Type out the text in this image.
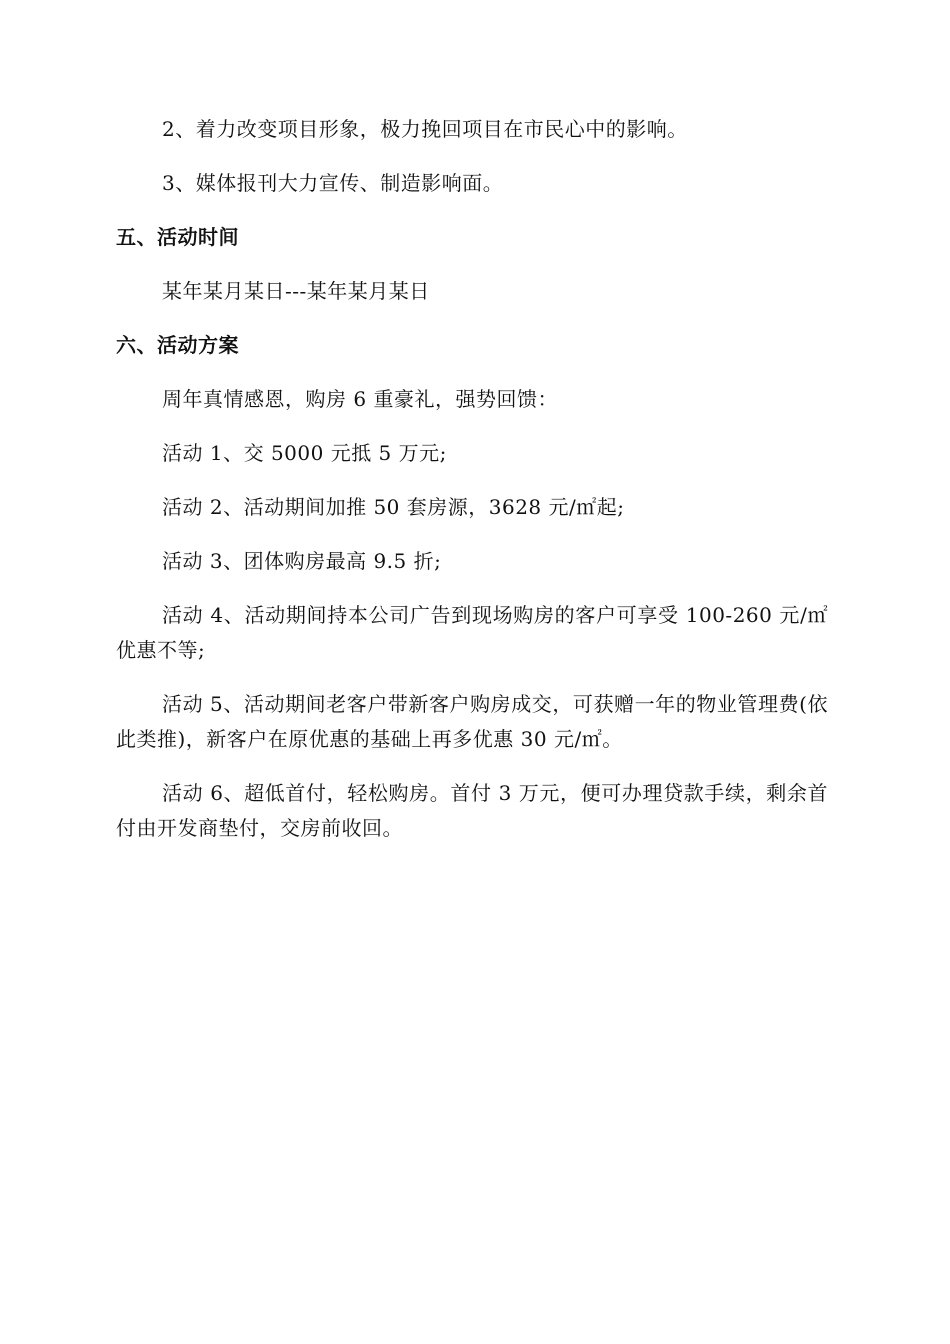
2、着力改变项目形象，极力挽回项目在市民心中的影响。

3、媒体报刊大力宣传、制造影响面。

五、活动时间

某年某月某日---某年某月某日

六、活动方案

周年真情感恩，购房 6 重豪礼，强势回馈：

活动 1、交 5000 元抵 5 万元;

活动 2、活动期间加推 50 套房源，3628 元/㎡起;

活动 3、团体购房最高 9.5 折;

活动 4、活动期间持本公司广告到现场购房的客户可享受 100-260 元/㎡优惠不等;

活动 5、活动期间老客户带新客户购房成交，可获赠一年的物业管理费(依此类推)，新客户在原优惠的基础上再多优惠 30 元/㎡。

活动 6、超低首付，轻松购房。首付 3 万元，便可办理贷款手续，剩余首付由开发商垫付，交房前收回。
